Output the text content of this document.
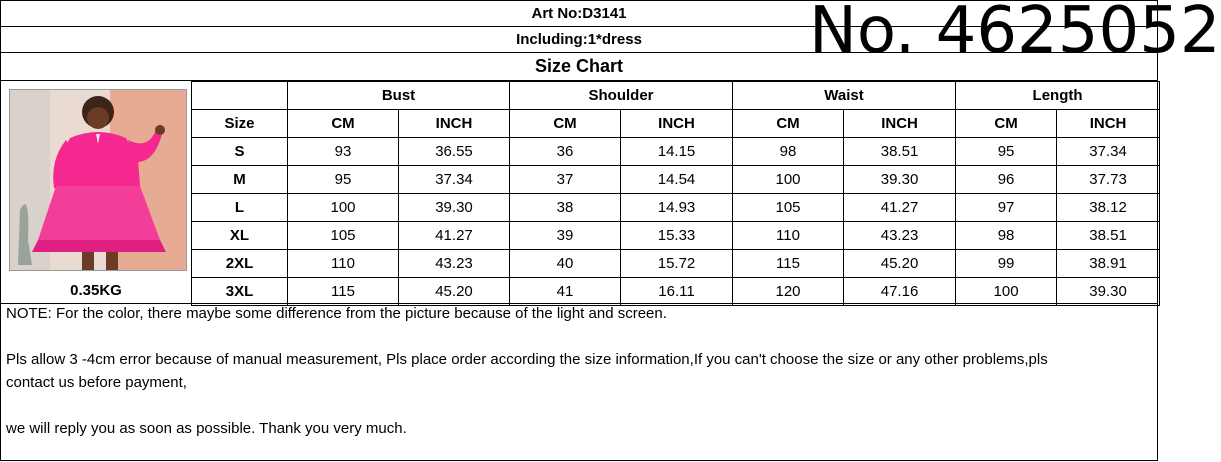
Art No:D3141
Including:1*dress
Size Chart	No. 4625052
0.35KG
	Bust		Shoulder		Waist		Length	
Size	CM	INCH	CM	INCH	CM	INCH	CM	INCH
S	93	36.55	36	14.15	98	38.51	95	37.34
M	95	37.34	37	14.54	100	39.30	96	37.73
L	100	39.30	38	14.93	105	41.27	97	38.12
XL	105	41.27	39	15.33	110	43.23	98	38.51
2XL	110	43.23	40	15.72	115	45.20	99	38.91
3XL	115	45.20	41	16.11	120	47.16	100	39.30
NOTE: For the color, there maybe some difference from the picture because of the light and screen.
Pls allow 3 -4cm error because of manual measurement, Pls place order according the size information,If you can't choose the size or any other problems,pls
contact us before payment,
we will reply you as soon as possible. Thank you very much.
